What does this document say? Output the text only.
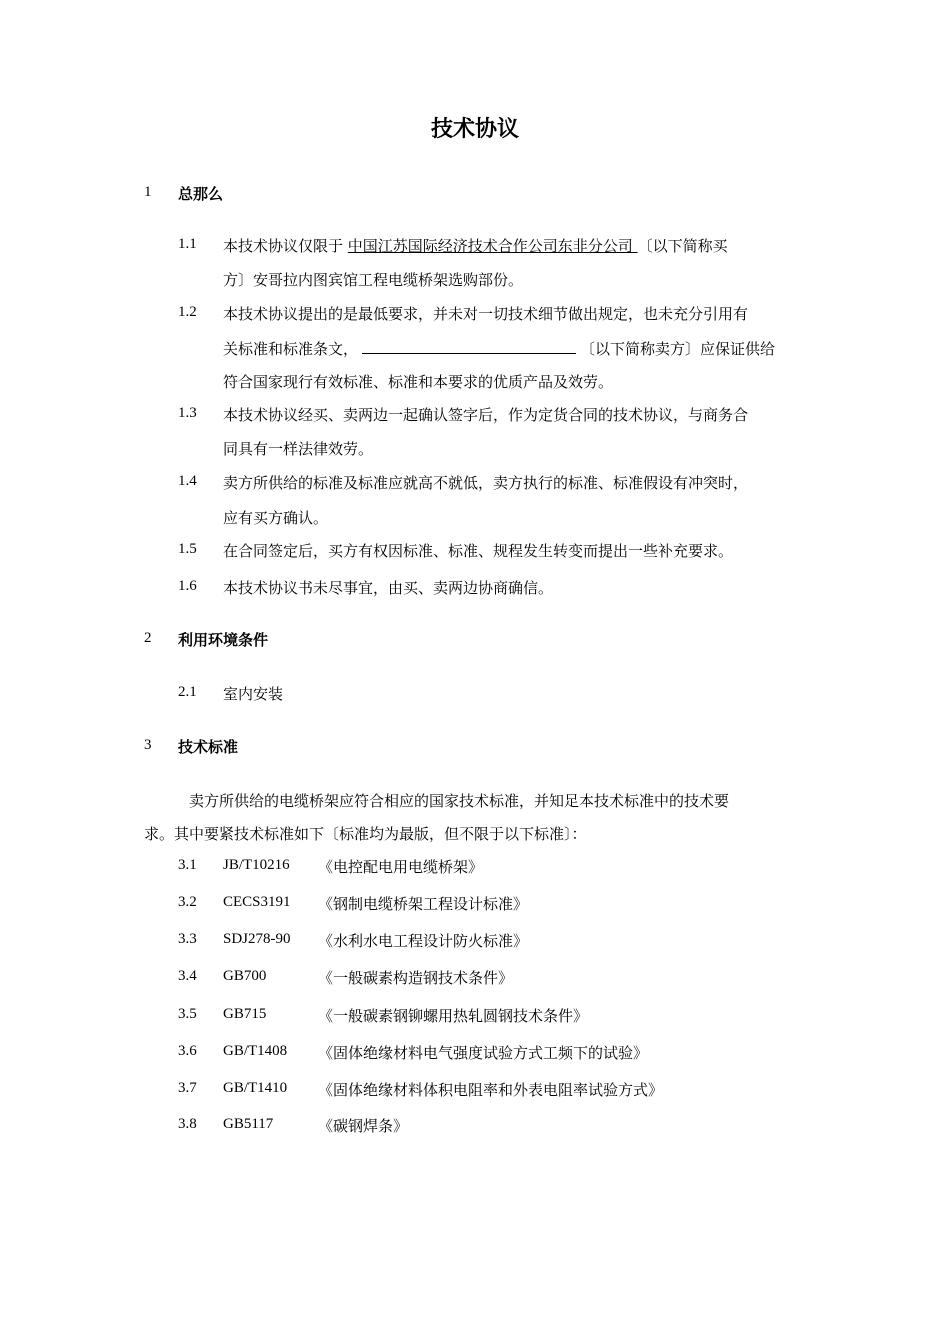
技术协议
1 总那么
1.1 本技术协议仅限于 中国江苏国际经济技术合作公司东非分公司 〔以下简称买
方〕安哥拉内图宾馆工程电缆桥架选购部份。
1.2 本技术协议提出的是最低要求，并未对一切技术细节做出规定，也未充分引用有
关标准和标准条文，	〔以下简称卖方〕应保证供给
符合国家现行有效标准、标准和本要求的优质产品及效劳。
1.3 本技术协议经买、卖两边一起确认签字后，作为定货合同的技术协议，与商务合
同具有一样法律效劳。
1.4 卖方所供给的标准及标准应就高不就低，卖方执行的标准、标准假设有冲突时，
应有买方确认。
1.5 在合同签定后，买方有权因标准、标准、规程发生转变而提出一些补充要求。
1.6 本技术协议书未尽事宜，由买、卖两边协商确信。
2 利用环境条件
2.1 室内安装
3 技术标准
卖方所供给的电缆桥架应符合相应的国家技术标准，并知足本技术标准中的技术要
求。其中要紧技术标准如下〔标准均为最版，但不限于以下标准〕：
3.1 JB/T10216 《电控配电用电缆桥架》
3.2 CECS3191 《钢制电缆桥架工程设计标准》
3.3 SDJ278-90 《水利水电工程设计防火标准》
3.4 GB700	《一般碳素构造钢技术条件》
3.5 GB715	《一般碳素钢铆螺用热轧圆钢技术条件》
3.6 GB/T1408 《固体绝缘材料电气强度试验方式工频下的试验》
3.7 GB/T1410 《固体绝缘材料体积电阻率和外表电阻率试验方式》
3.8 GB5117	《碳钢焊条》
